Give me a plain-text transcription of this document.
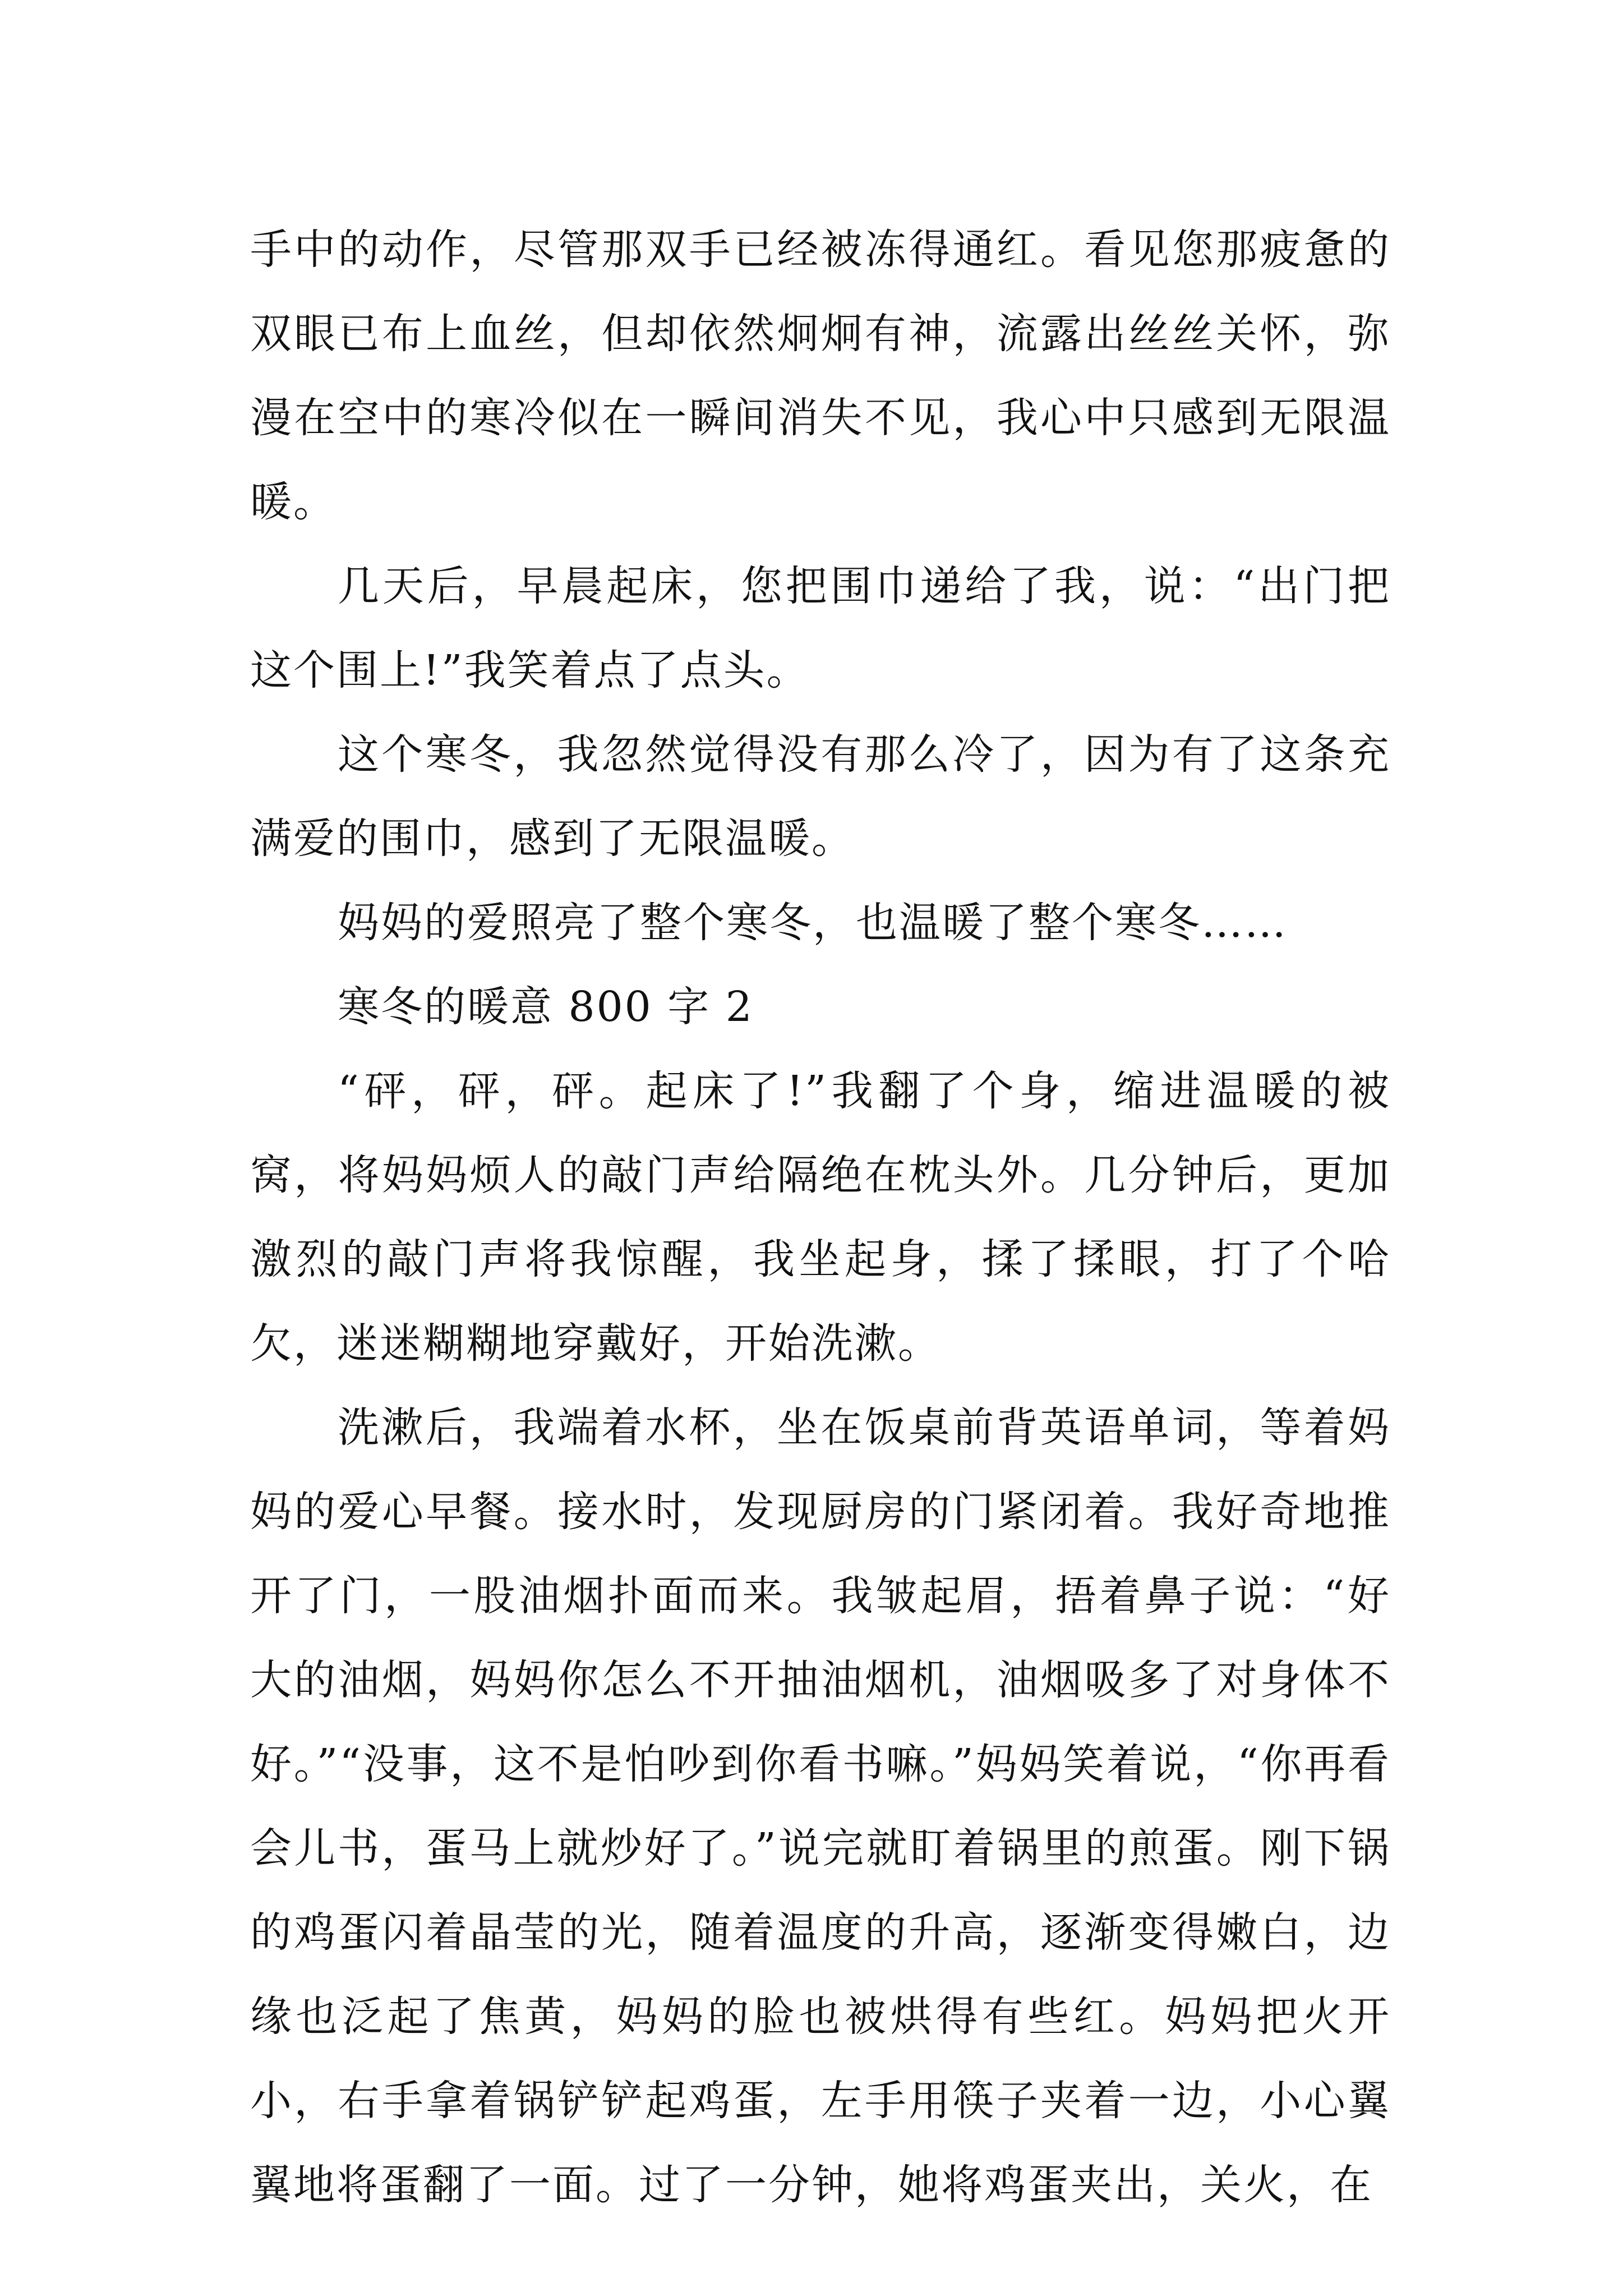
手中的动作，尽管那双手已经被冻得通红。看见您那疲惫的双眼已布上血丝，但却依然炯炯有神，流露出丝丝关怀，弥漫在空中的寒冷似在一瞬间消失不见，我心中只感到无限温暖。

几天后，早晨起床，您把围巾递给了我，说：“出门把这个围上!”我笑着点了点头。

这个寒冬，我忽然觉得没有那么冷了，因为有了这条充满爱的围巾，感到了无限温暖。

妈妈的爱照亮了整个寒冬，也温暖了整个寒冬……

寒冬的暖意 800 字 2

“砰，砰，砰。起床了!”我翻了个身，缩进温暖的被窝，将妈妈烦人的敲门声给隔绝在枕头外。几分钟后，更加激烈的敲门声将我惊醒，我坐起身，揉了揉眼，打了个哈欠，迷迷糊糊地穿戴好，开始洗漱。

洗漱后，我端着水杯，坐在饭桌前背英语单词，等着妈妈的爱心早餐。接水时，发现厨房的门紧闭着。我好奇地推开了门，一股油烟扑面而来。我皱起眉，捂着鼻子说：“好大的油烟，妈妈你怎么不开抽油烟机，油烟吸多了对身体不好。”“没事，这不是怕吵到你看书嘛。”妈妈笑着说，“你再看会儿书，蛋马上就炒好了。”说完就盯着锅里的煎蛋。刚下锅的鸡蛋闪着晶莹的光，随着温度的升高，逐渐变得嫩白，边缘也泛起了焦黄，妈妈的脸也被烘得有些红。妈妈把火开小，右手拿着锅铲铲起鸡蛋，左手用筷子夹着一边，小心翼翼地将蛋翻了一面。过了一分钟，她将鸡蛋夹出，关火，在
